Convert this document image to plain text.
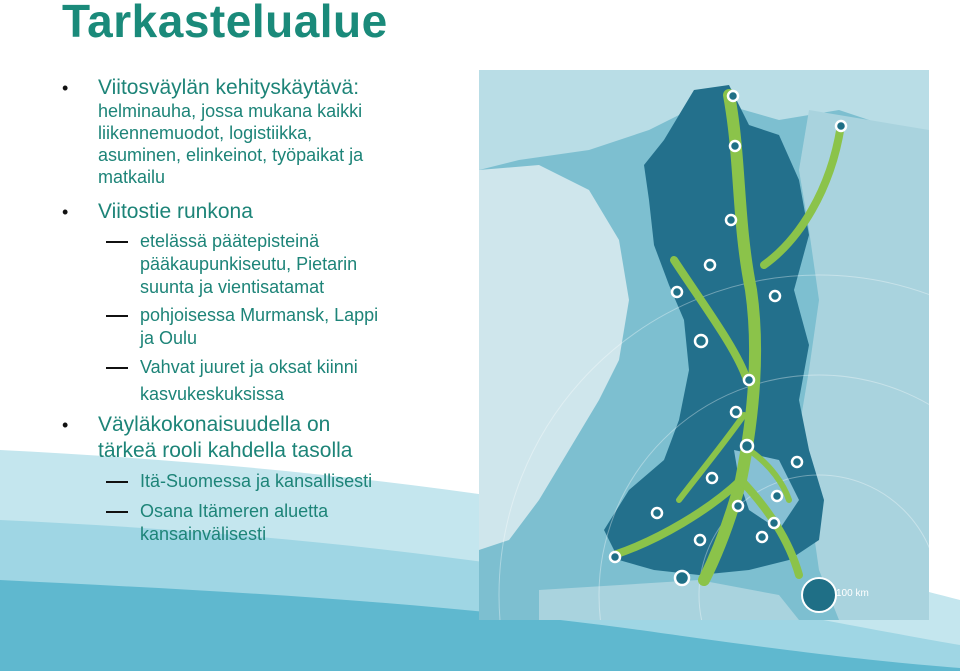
100 km
Tarkastelualue
• Viitosväylän kehityskäytävä:
helminauha, jossa mukana kaikki
liikennemuodot, logistiikka,
asuminen, elinkeinot, työpaikat ja
matkailu
• Viitostie runkona
etelässä päätepisteinä
pääkaupunkiseutu, Pietarin
suunta ja vientisatamat
pohjoisessa Murmansk, Lappi
ja Oulu
Vahvat juuret ja oksat kiinni
kasvukeskuksissa
• Väyläkokonaisuudella on
tärkeä rooli kahdella tasolla
Itä-Suomessa ja kansallisesti
Osana Itämeren aluetta
kansainvälisesti
